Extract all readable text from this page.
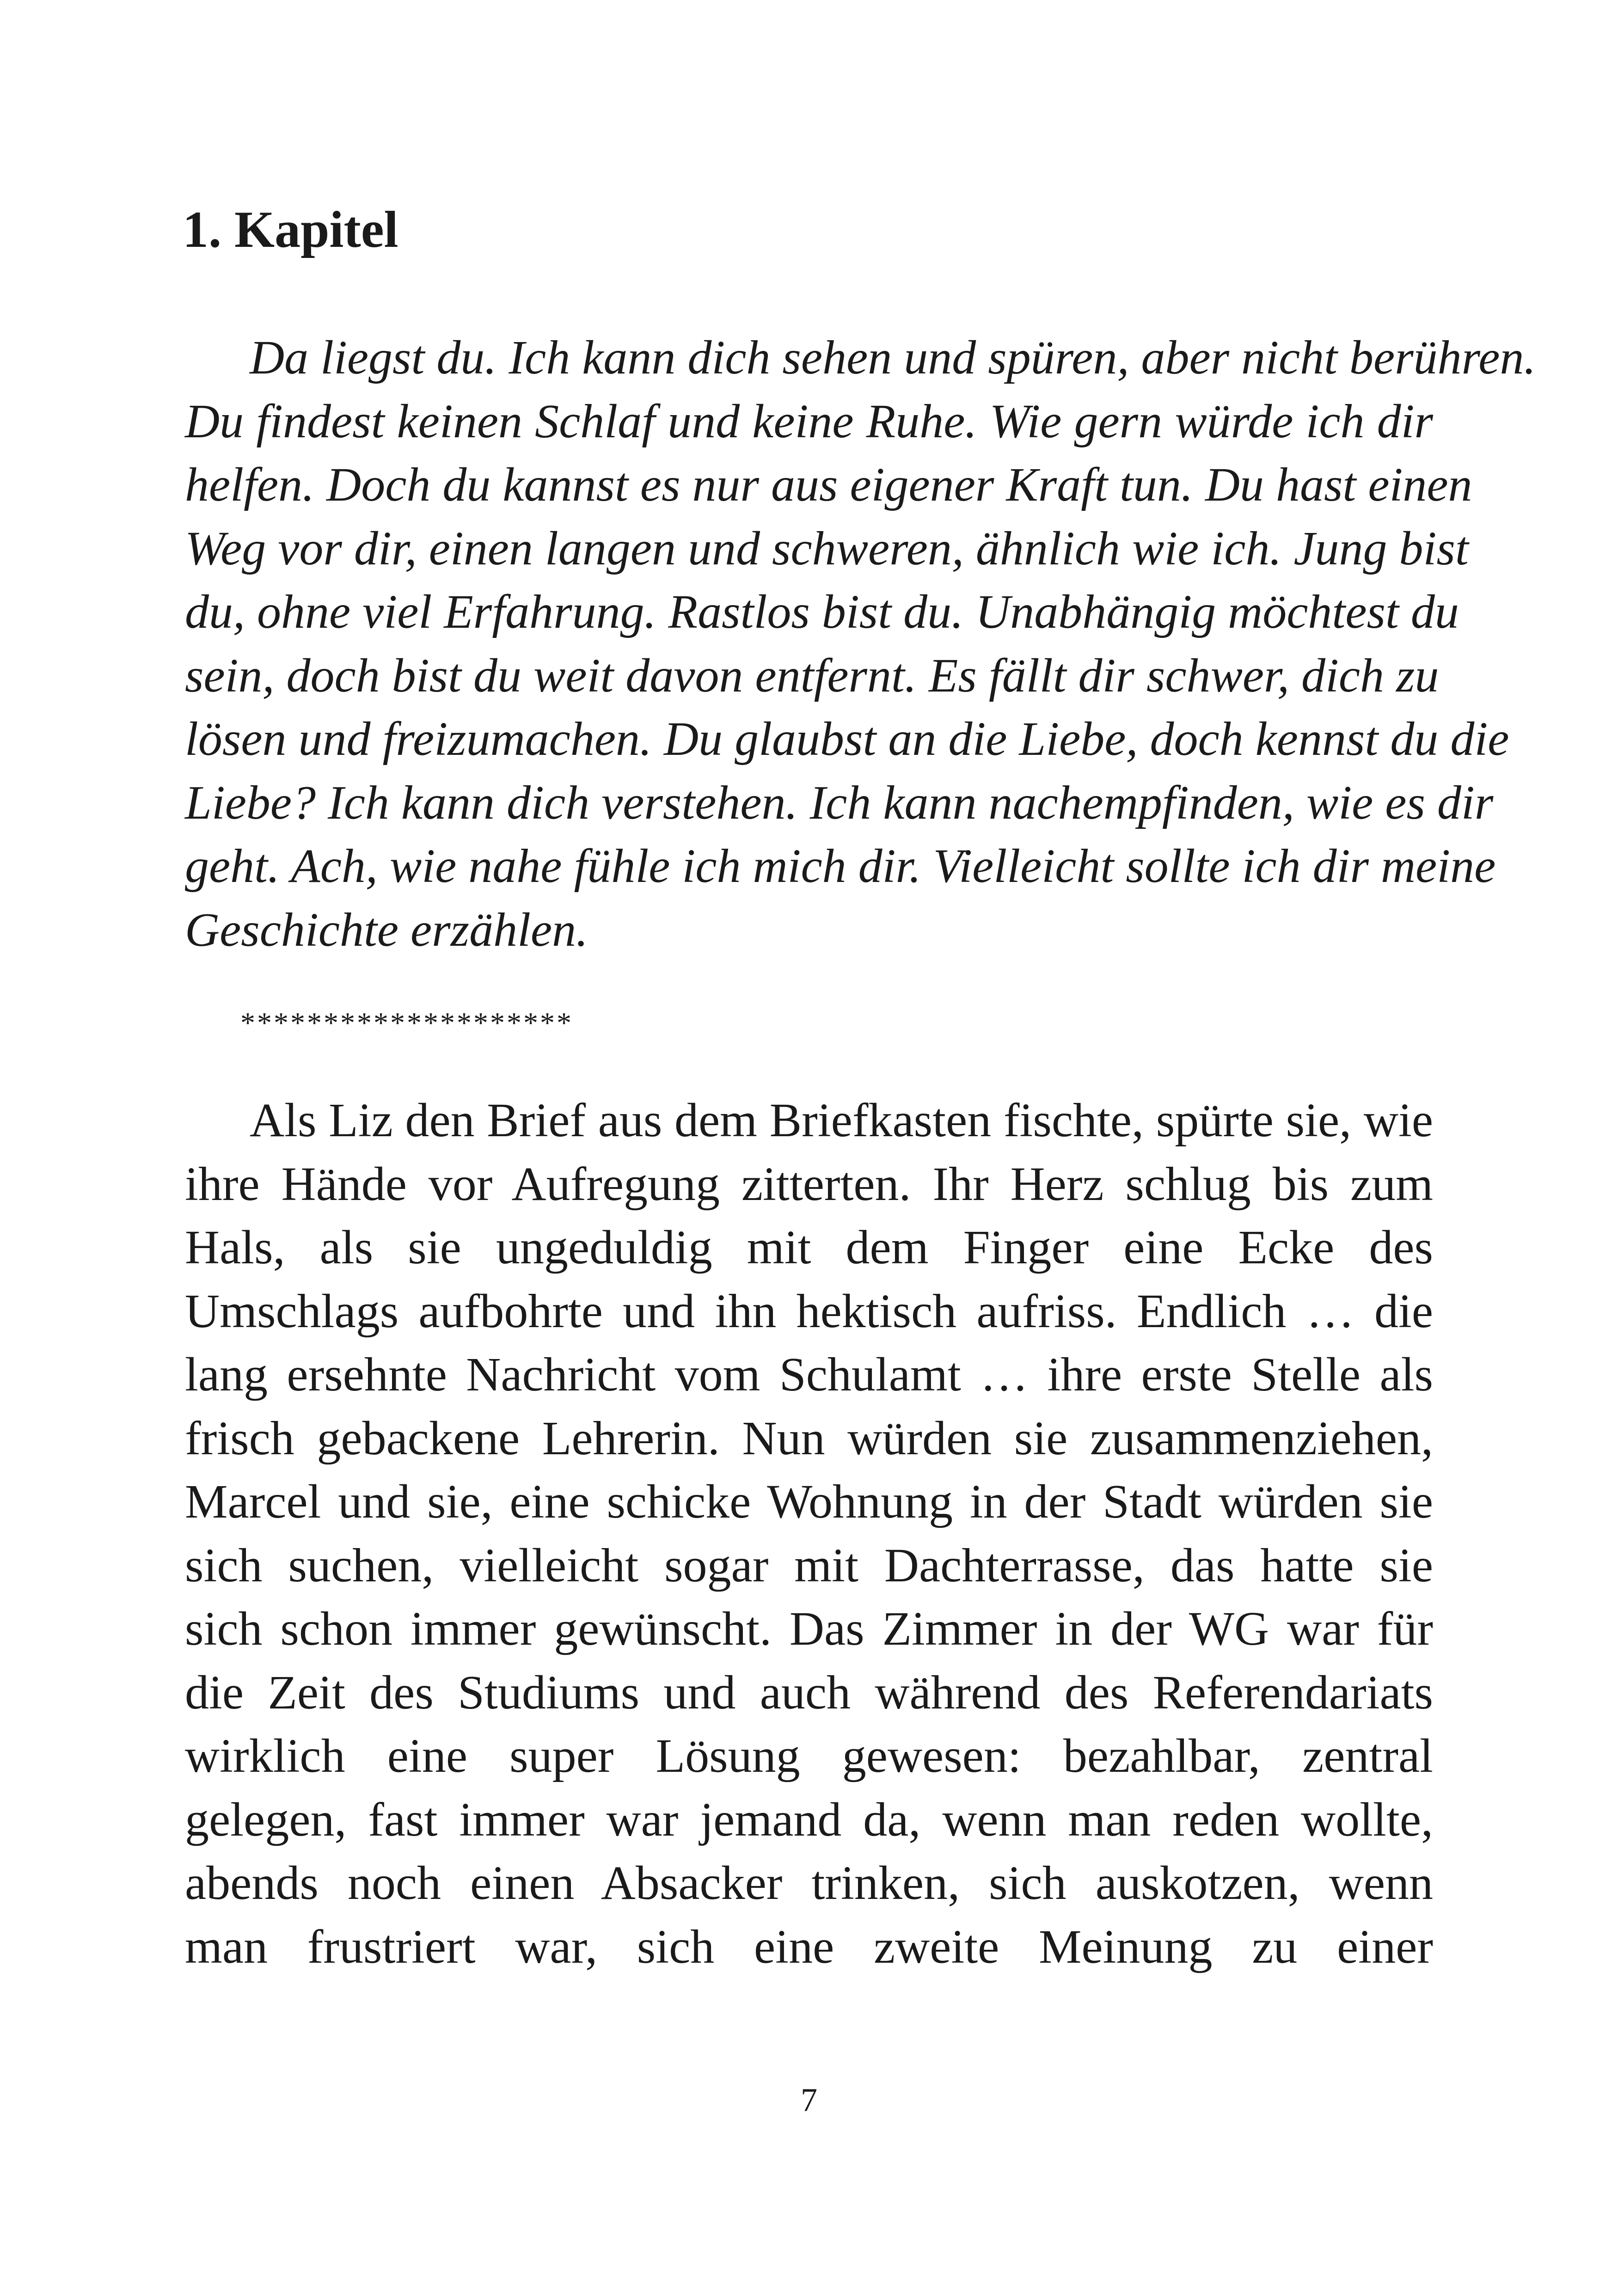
1. Kapitel
Da liegst du. Ich kann dich sehen und spüren, aber nicht berühren.
Du findest keinen Schlaf und keine Ruhe. Wie gern würde ich dir
helfen. Doch du kannst es nur aus eigener Kraft tun. Du hast einen
Weg vor dir, einen langen und schweren, ähnlich wie ich. Jung bist
du, ohne viel Erfahrung. Rastlos bist du. Unabhängig möchtest du
sein, doch bist du weit davon entfernt. Es fällt dir schwer, dich zu
lösen und freizumachen. Du glaubst an die Liebe, doch kennst du die
Liebe? Ich kann dich verstehen. Ich kann nachempfinden, wie es dir
geht. Ach, wie nahe fühle ich mich dir. Vielleicht sollte ich dir meine
Geschichte erzählen.
********************
Als Liz den Brief aus dem Briefkasten fischte, spürte sie, wie
ihre Hände vor Aufregung zitterten. Ihr Herz schlug bis zum
Hals, als sie ungeduldig mit dem Finger eine Ecke des
Umschlags aufbohrte und ihn hektisch aufriss. Endlich … die
lang ersehnte Nachricht vom Schulamt … ihre erste Stelle als
frisch gebackene Lehrerin. Nun würden sie zusammenziehen,
Marcel und sie, eine schicke Wohnung in der Stadt würden sie
sich suchen, vielleicht sogar mit Dachterrasse, das hatte sie
sich schon immer gewünscht. Das Zimmer in der WG war für
die Zeit des Studiums und auch während des Referendariats
wirklich eine super Lösung gewesen: bezahlbar, zentral
gelegen, fast immer war jemand da, wenn man reden wollte,
abends noch einen Absacker trinken, sich auskotzen, wenn
man frustriert war, sich eine zweite Meinung zu einer
7
